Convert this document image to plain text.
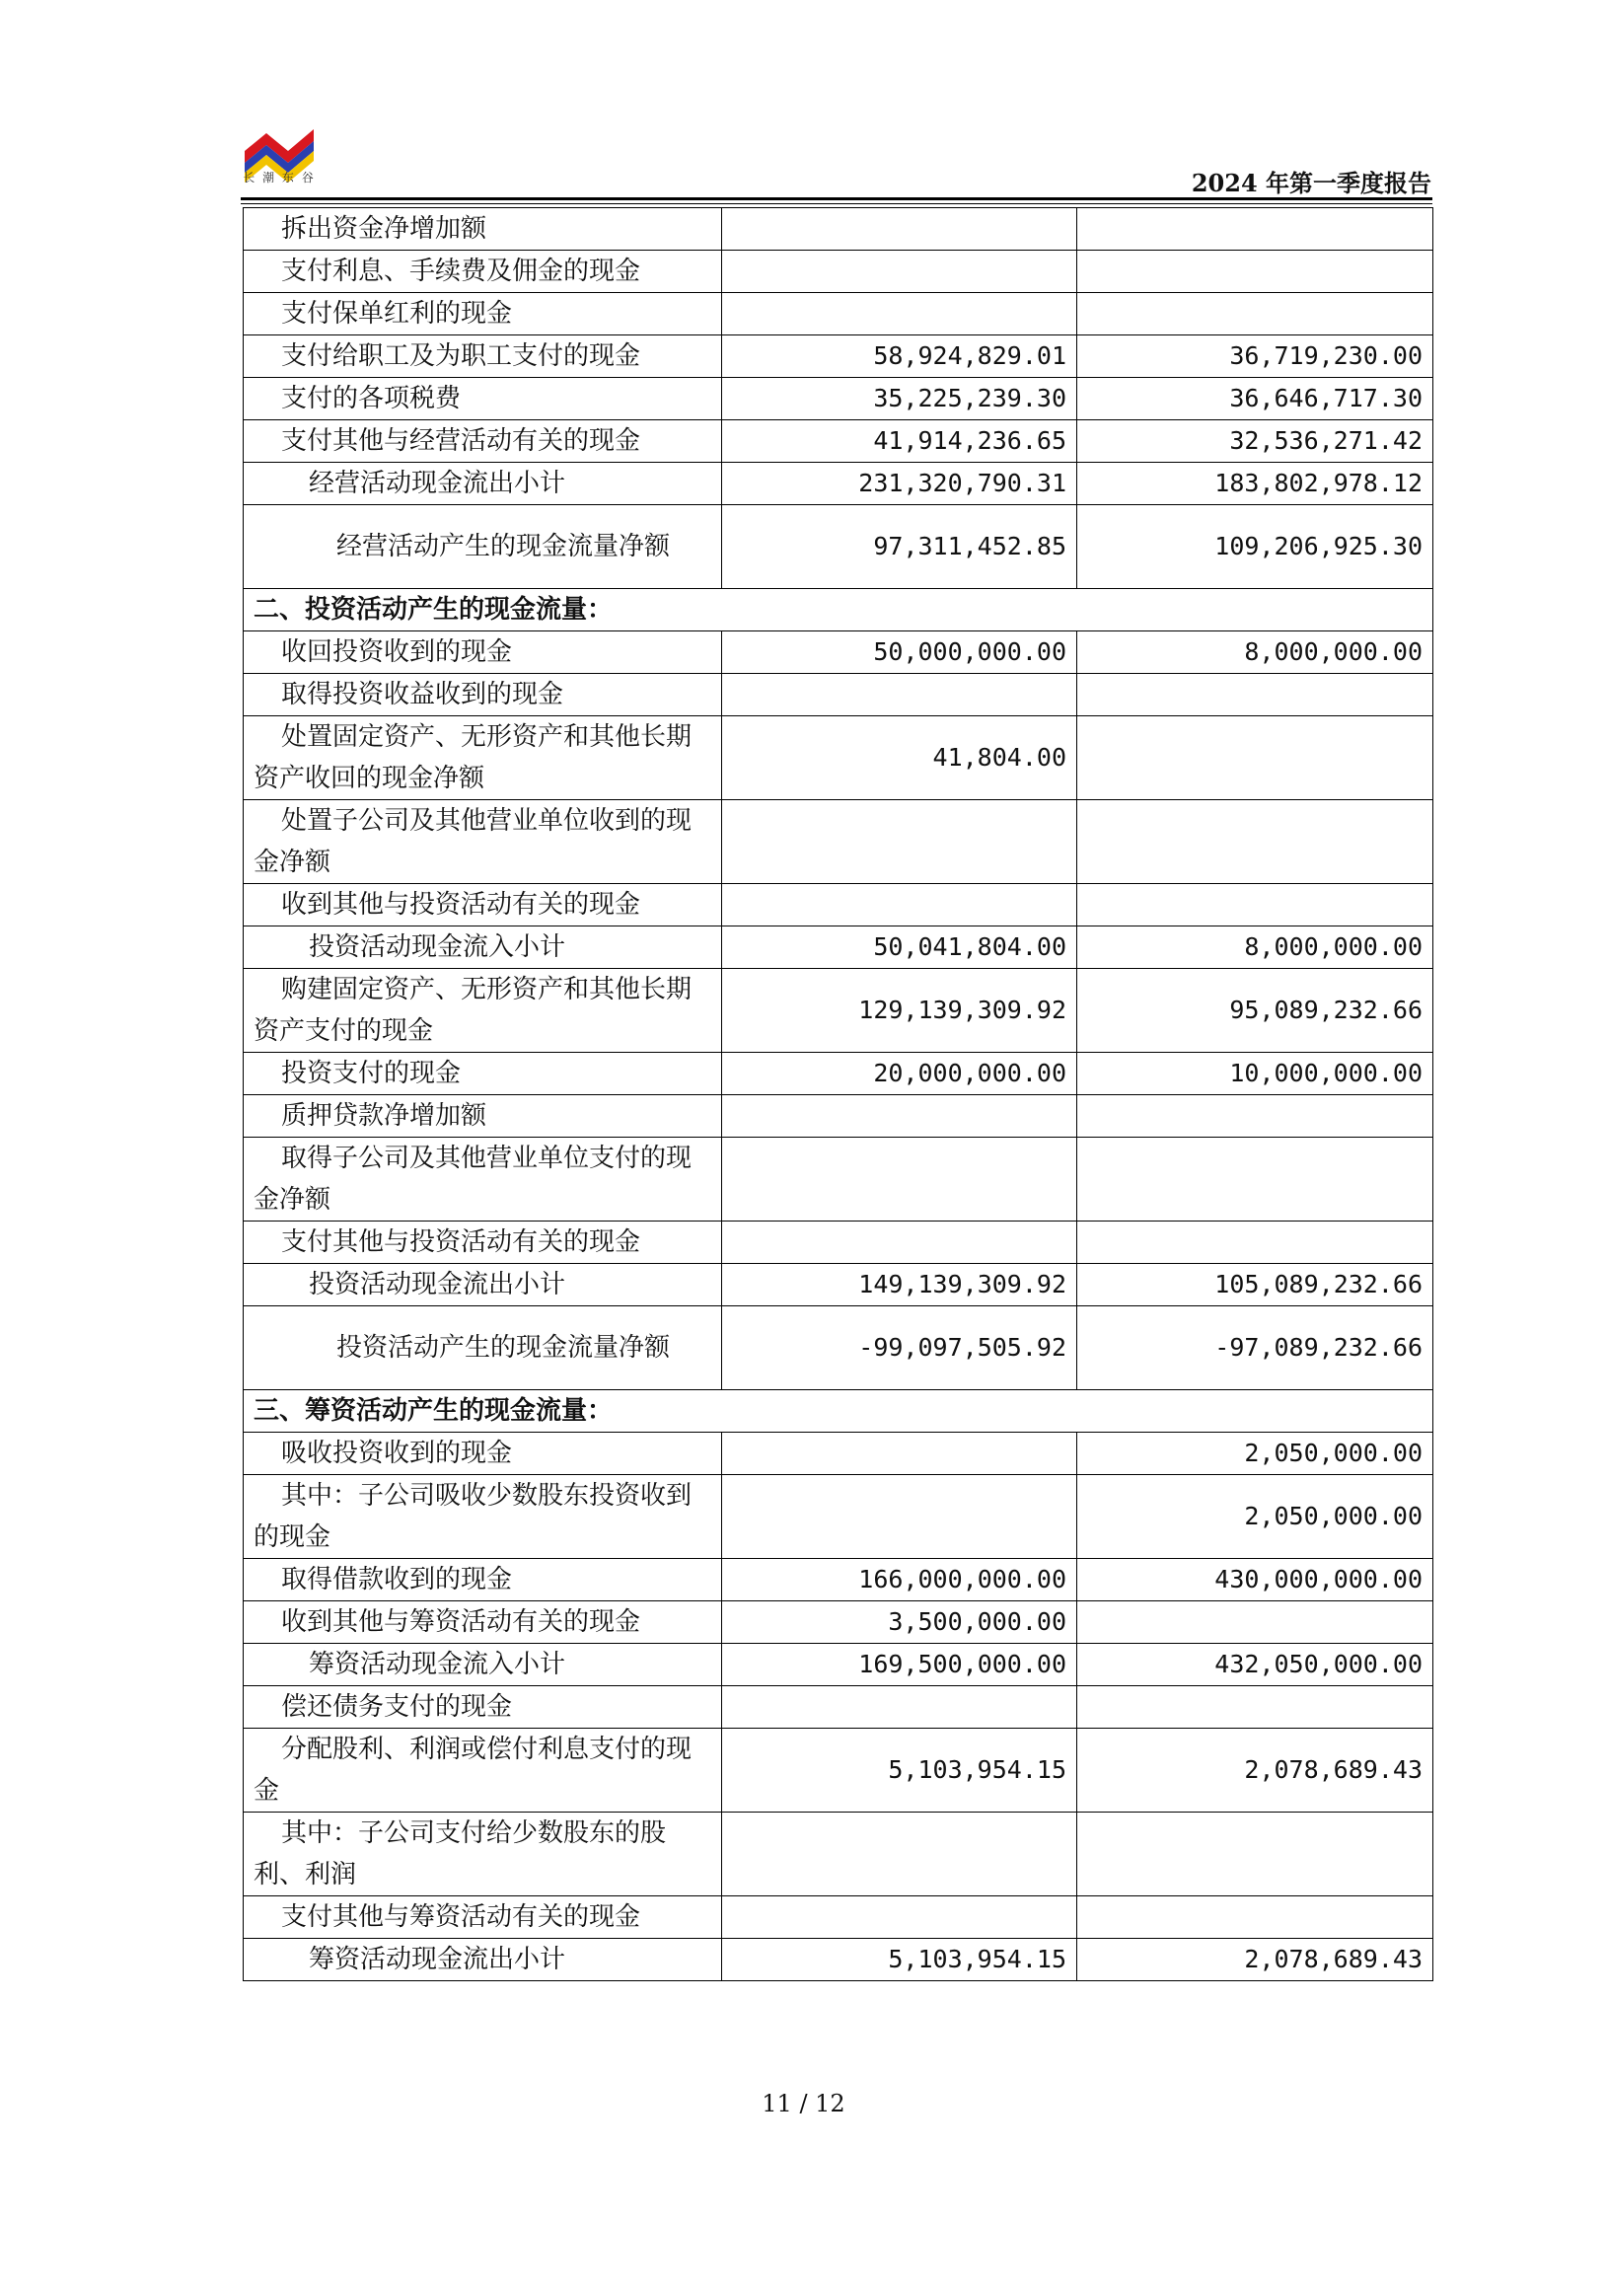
长 潮 东 谷	2024 年第一季度报告
拆出资金净增加额		
支付利息、手续费及佣金的现金		
支付保单红利的现金		
支付给职工及为职工支付的现金	58,924,829.01	36,719,230.00
支付的各项税费	35,225,239.30	36,646,717.30
支付其他与经营活动有关的现金	41,914,236.65	32,536,271.42
经营活动现金流出小计	231,320,790.31	183,802,978.12
经营活动产生的现金流量净额	97,311,452.85	109,206,925.30
二、投资活动产生的现金流量：		
收回投资收到的现金	50,000,000.00	8,000,000.00
取得投资收益收到的现金		
处置固定资产、无形资产和其他长期资产收回的现金净额	41,804.00	
处置子公司及其他营业单位收到的现金净额		
收到其他与投资活动有关的现金		
投资活动现金流入小计	50,041,804.00	8,000,000.00
购建固定资产、无形资产和其他长期资产支付的现金	129,139,309.92	95,089,232.66
投资支付的现金	20,000,000.00	10,000,000.00
质押贷款净增加额		
取得子公司及其他营业单位支付的现金净额		
支付其他与投资活动有关的现金		
投资活动现金流出小计	149,139,309.92	105,089,232.66
投资活动产生的现金流量净额	-99,097,505.92	-97,089,232.66
三、筹资活动产生的现金流量：		
吸收投资收到的现金		2,050,000.00
其中：子公司吸收少数股东投资收到的现金		2,050,000.00
取得借款收到的现金	166,000,000.00	430,000,000.00
收到其他与筹资活动有关的现金	3,500,000.00	
筹资活动现金流入小计	169,500,000.00	432,050,000.00
偿还债务支付的现金		
分配股利、利润或偿付利息支付的现金	5,103,954.15	2,078,689.43
其中：子公司支付给少数股东的股利、利润		
支付其他与筹资活动有关的现金		
筹资活动现金流出小计	5,103,954.15	2,078,689.43
11 / 12
